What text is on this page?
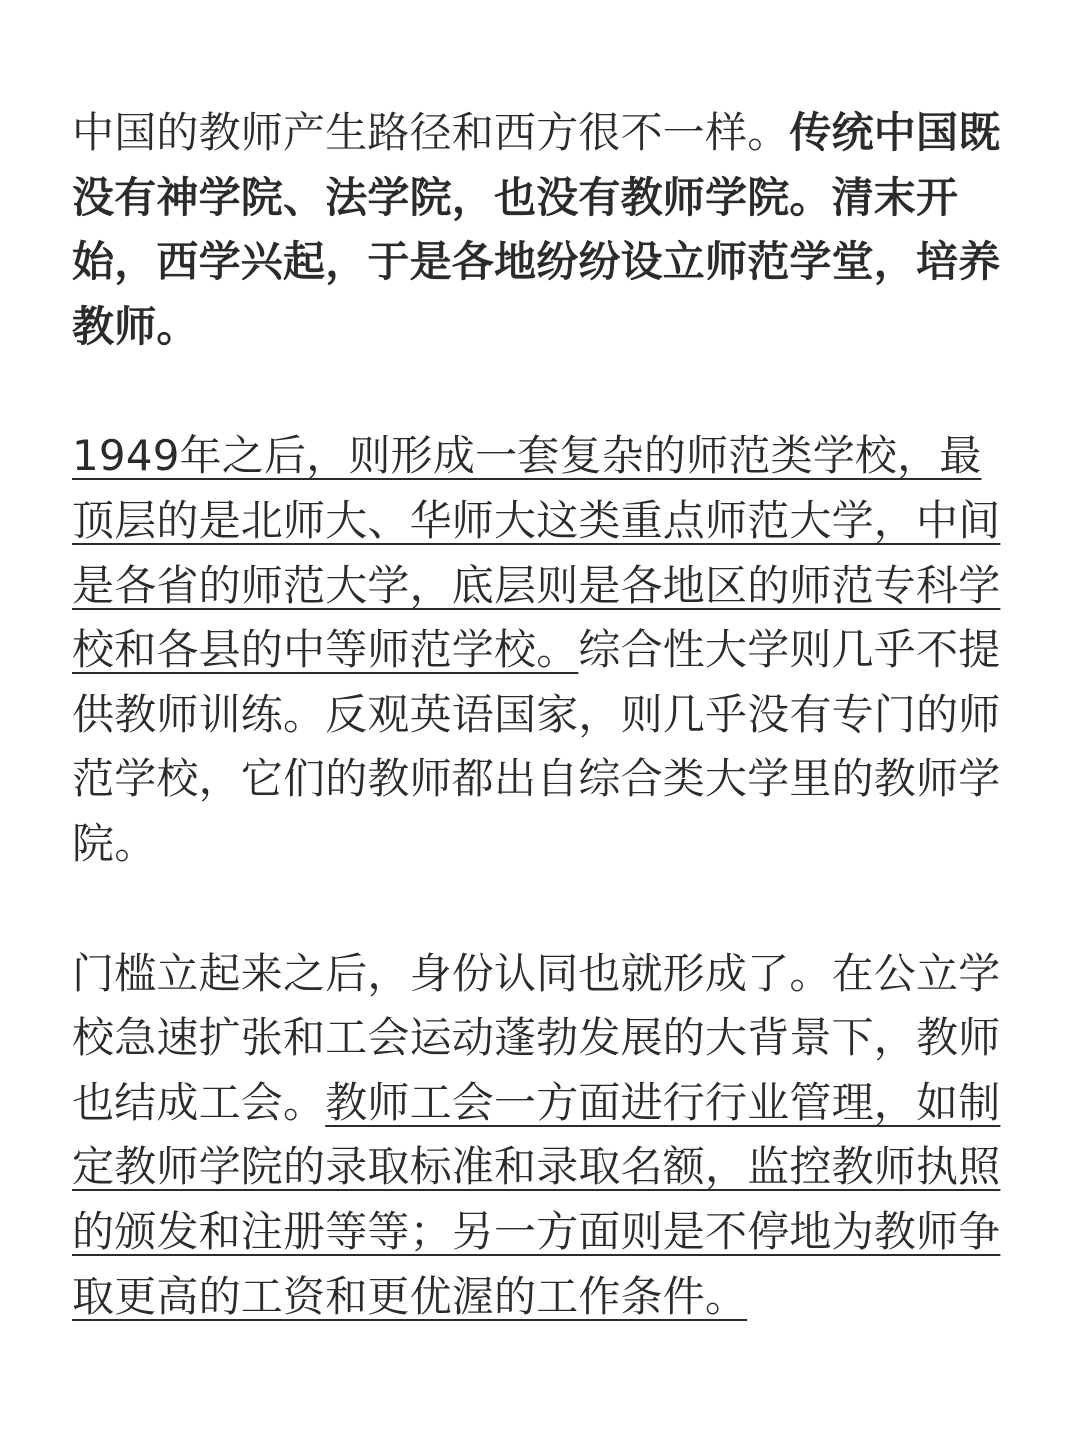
中国的教师产生路径和西方很不一样。传统中国既没有神学院、法学院，也没有教师学院。清末开始，西学兴起，于是各地纷纷设立师范学堂，培养教师。

1949年之后，则形成一套复杂的师范类学校，最顶层的是北师大、华师大这类重点师范大学，中间是各省的师范大学，底层则是各地区的师范专科学校和各县的中等师范学校。综合性大学则几乎不提供教师训练。反观英语国家，则几乎没有专门的师范学校，它们的教师都出自综合类大学里的教师学院。

门槛立起来之后，身份认同也就形成了。在公立学校急速扩张和工会运动蓬勃发展的大背景下，教师也结成工会。教师工会一方面进行行业管理，如制定教师学院的录取标准和录取名额，监控教师执照的颁发和注册等等；另一方面则是不停地为教师争取更高的工资和更优渥的工作条件。
